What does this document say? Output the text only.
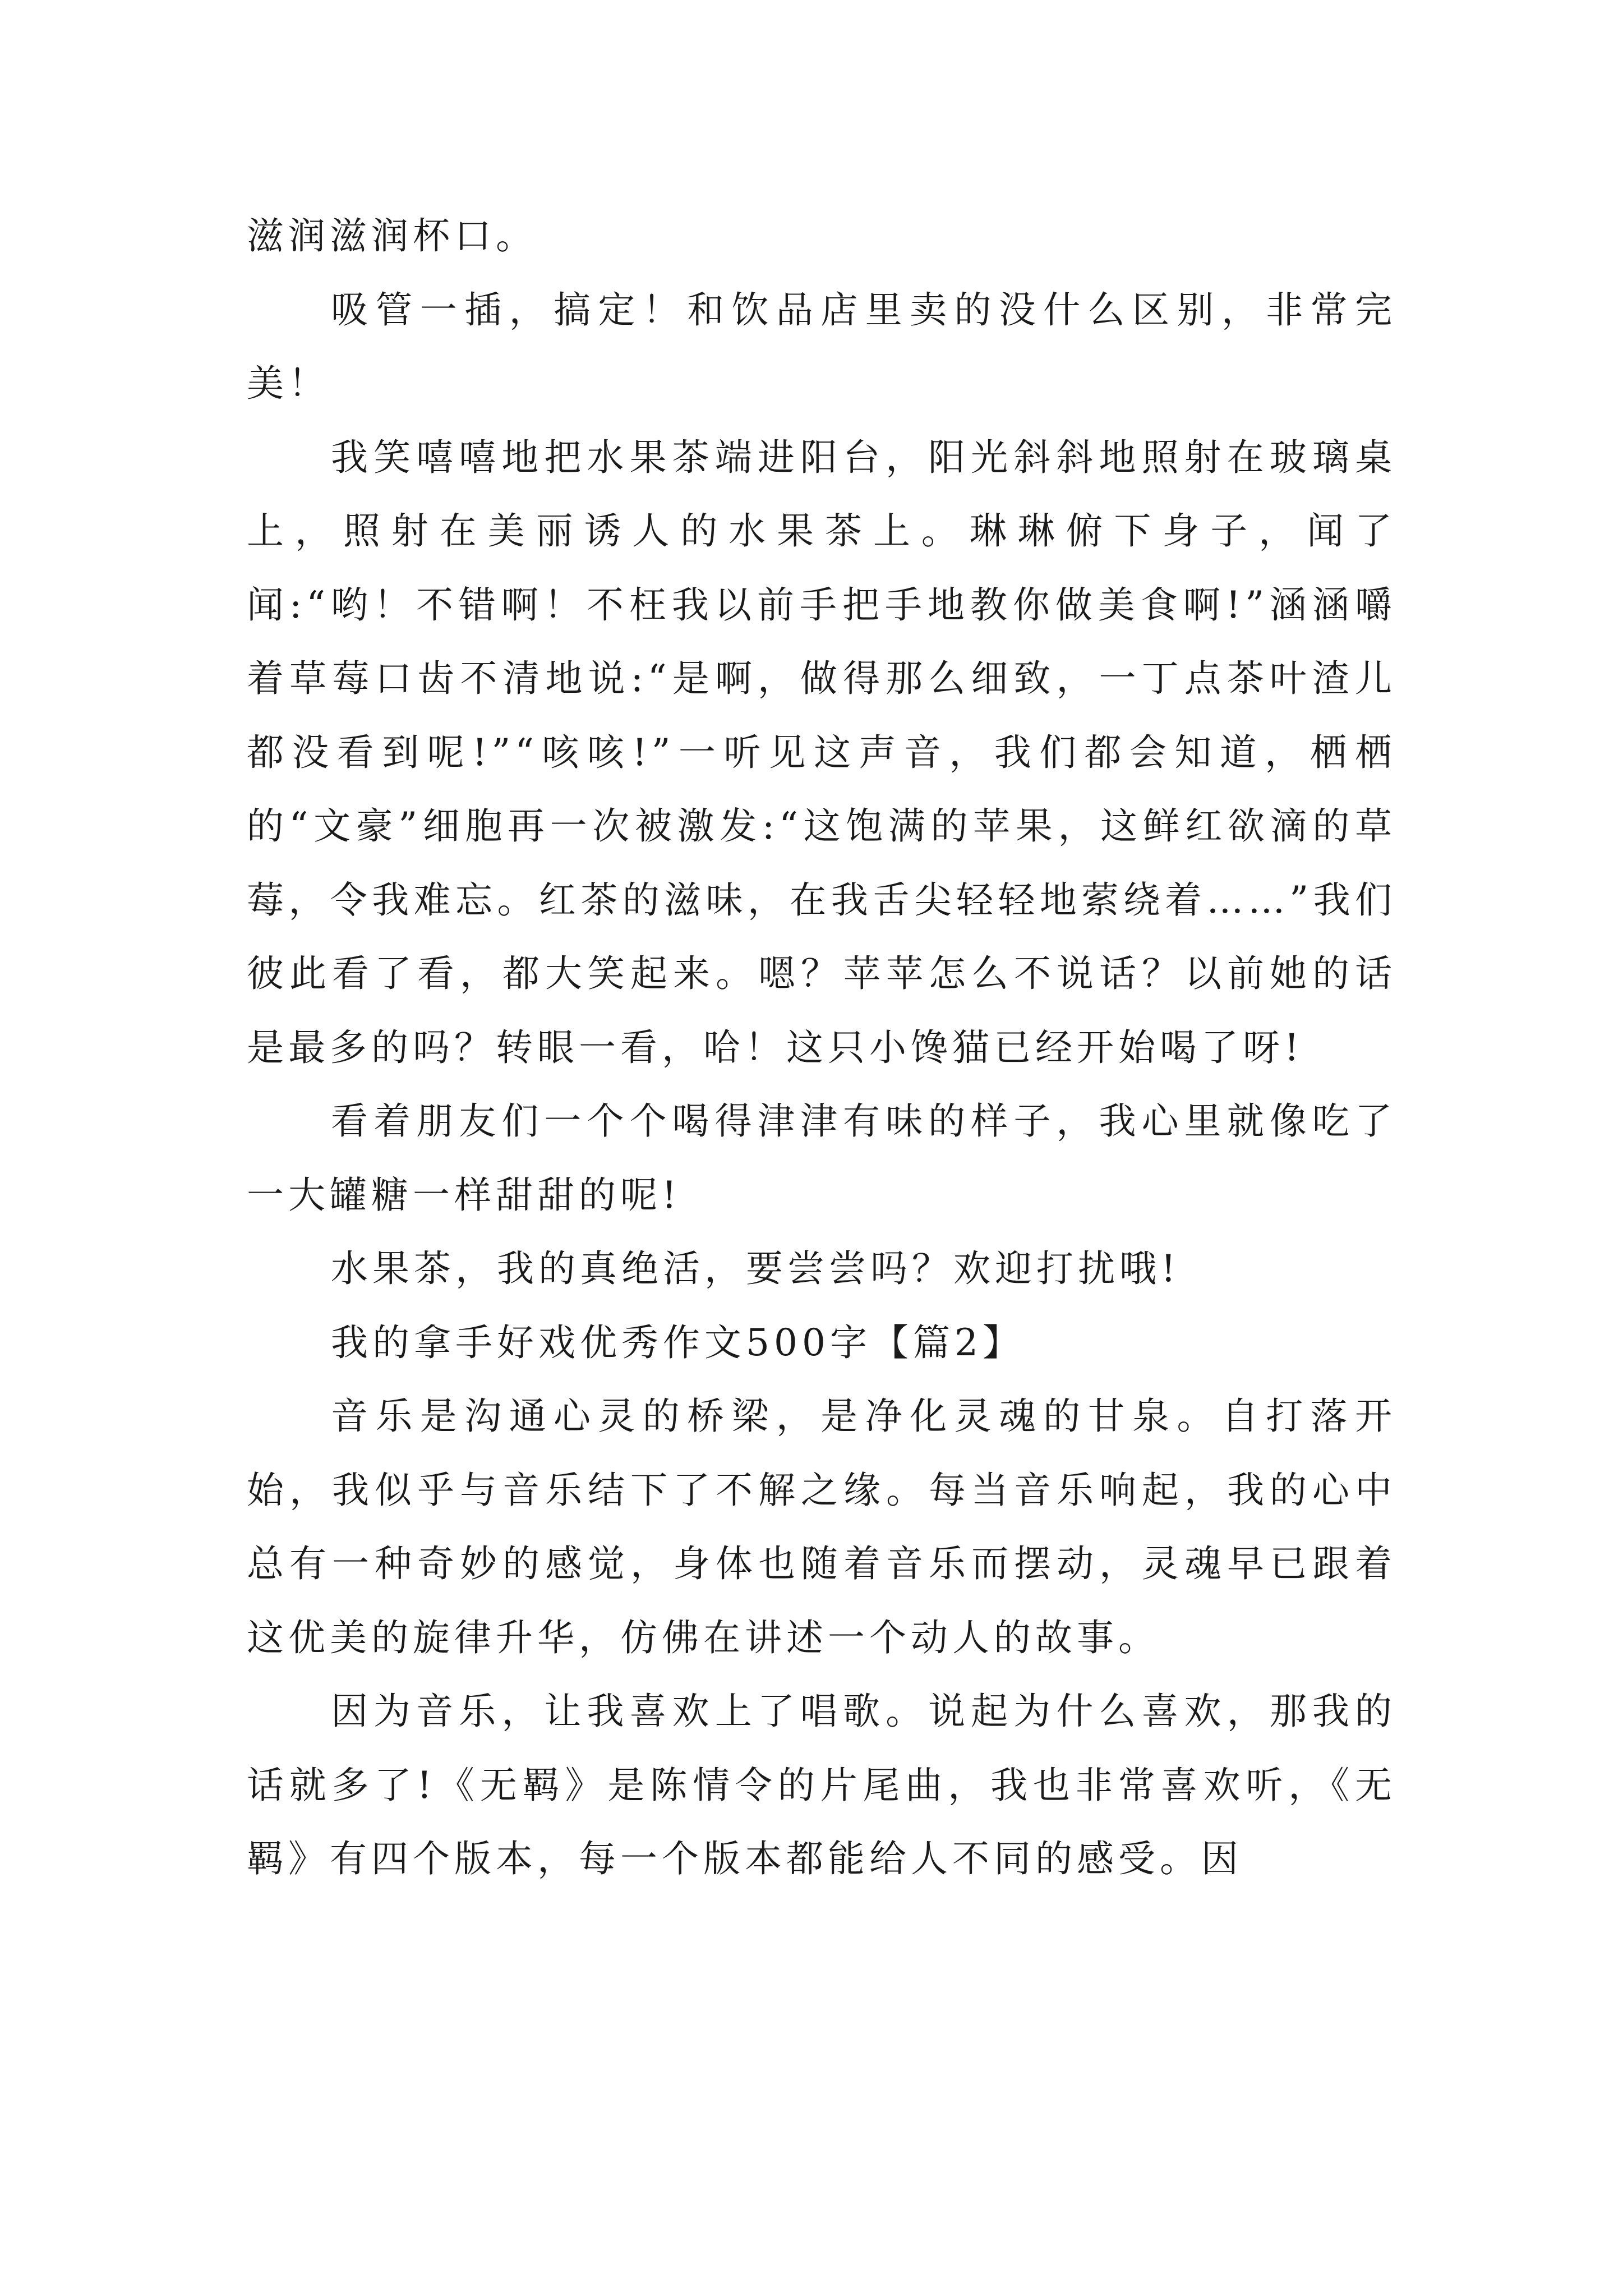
滋润滋润杯口。

吸管一插，搞定！和饮品店里卖的没什么区别，非常完美！

我笑嘻嘻地把水果茶端进阳台，阳光斜斜地照射在玻璃桌上，照射在美丽诱人的水果茶上。琳琳俯下身子，闻了闻:“哟！不错啊！不枉我以前手把手地教你做美食啊!”涵涵嚼着草莓口齿不清地说:“是啊，做得那么细致，一丁点茶叶渣儿都没看到呢!”“咳咳!”一听见这声音，我们都会知道，栖栖的“文豪”细胞再一次被激发:“这饱满的苹果，这鲜红欲滴的草莓，令我难忘。红茶的滋味，在我舌尖轻轻地萦绕着……”我们彼此看了看，都大笑起来。嗯？苹苹怎么不说话？以前她的话是最多的吗？转眼一看，哈！这只小馋猫已经开始喝了呀!

看着朋友们一个个喝得津津有味的样子，我心里就像吃了一大罐糖一样甜甜的呢!

水果茶，我的真绝活，要尝尝吗？欢迎打扰哦!

我的拿手好戏优秀作文500字【篇2】

音乐是沟通心灵的桥梁，是净化灵魂的甘泉。自打落开始，我似乎与音乐结下了不解之缘。每当音乐响起，我的心中总有一种奇妙的感觉，身体也随着音乐而摆动，灵魂早已跟着这优美的旋律升华，仿佛在讲述一个动人的故事。

因为音乐，让我喜欢上了唱歌。说起为什么喜欢，那我的话就多了!《无羁》是陈情令的片尾曲，我也非常喜欢听，《无羁》有四个版本，每一个版本都能给人不同的感受。因
